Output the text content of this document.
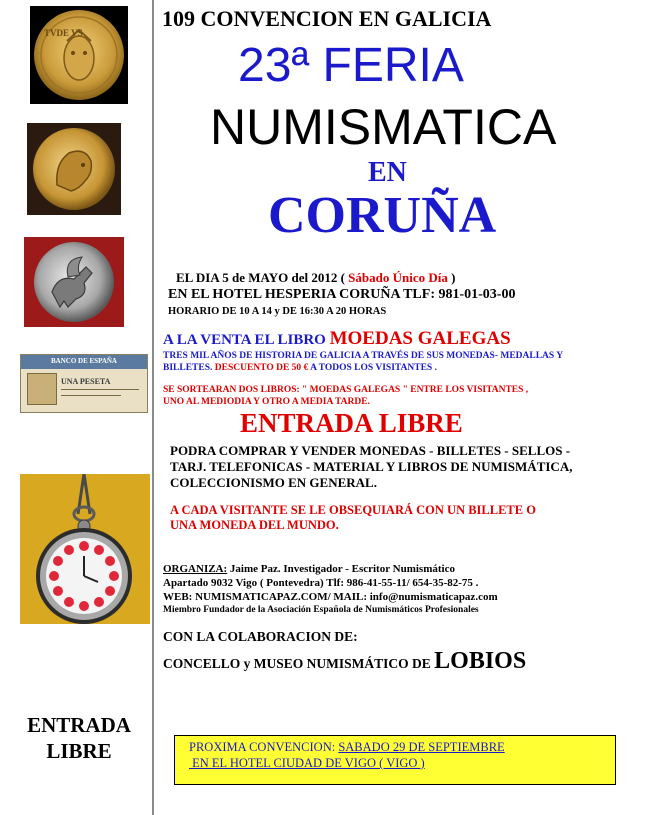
TVDE VS
BANCO DE ESPAÑA
UNA PESETA
ENTRADA
LIBRE
109 CONVENCION EN GALICIA
23ª FERIA
NUMISMATICA
EN
CORUÑA
EL DIA 5 de MAYO del 2012 ( Sábado Único Día )
EN EL HOTEL HESPERIA CORUÑA TLF: 981-01-03-00
HORARIO DE 10 A 14 y DE 16:30 A 20 HORAS
A LA VENTA EL LIBRO MOEDAS GALEGAS
TRES MIL AÑOS DE HISTORIA DE GALICIA A TRAVÉS DE SUS MONEDAS- MEDALLAS Y
BILLETES. DESCUENTO DE 50 € A TODOS LOS VISITANTES .
SE SORTEARAN DOS LIBROS: " MOEDAS GALEGAS " ENTRE LOS VISITANTES ,
UNO AL MEDIODIA Y OTRO A MEDIA TARDE.
ENTRADA LIBRE
PODRA COMPRAR Y VENDER MONEDAS - BILLETES - SELLOS -
TARJ. TELEFONICAS - MATERIAL Y LIBROS DE NUMISMÁTICA,
COLECCIONISMO EN GENERAL.
A CADA VISITANTE SE LE OBSEQUIARÁ CON UN BILLETE O
UNA MONEDA DEL MUNDO.
ORGANIZA: Jaime Paz. Investigador - Escritor Numismático
Apartado 9032 Vigo ( Pontevedra) Tlf: 986-41-55-11/ 654-35-82-75 .
WEB: NUMISMATICAPAZ.COM/ MAIL: info@numismaticapaz.com
Miembro Fundador de la Asociación Española de Numismáticos Profesionales
CON LA COLABORACION DE:
CONCELLO y MUSEO NUMISMÁTICO DE LOBIOS
PROXIMA CONVENCION: SABADO 29 DE SEPTIEMBRE
EN EL HOTEL CIUDAD DE VIGO ( VIGO )
